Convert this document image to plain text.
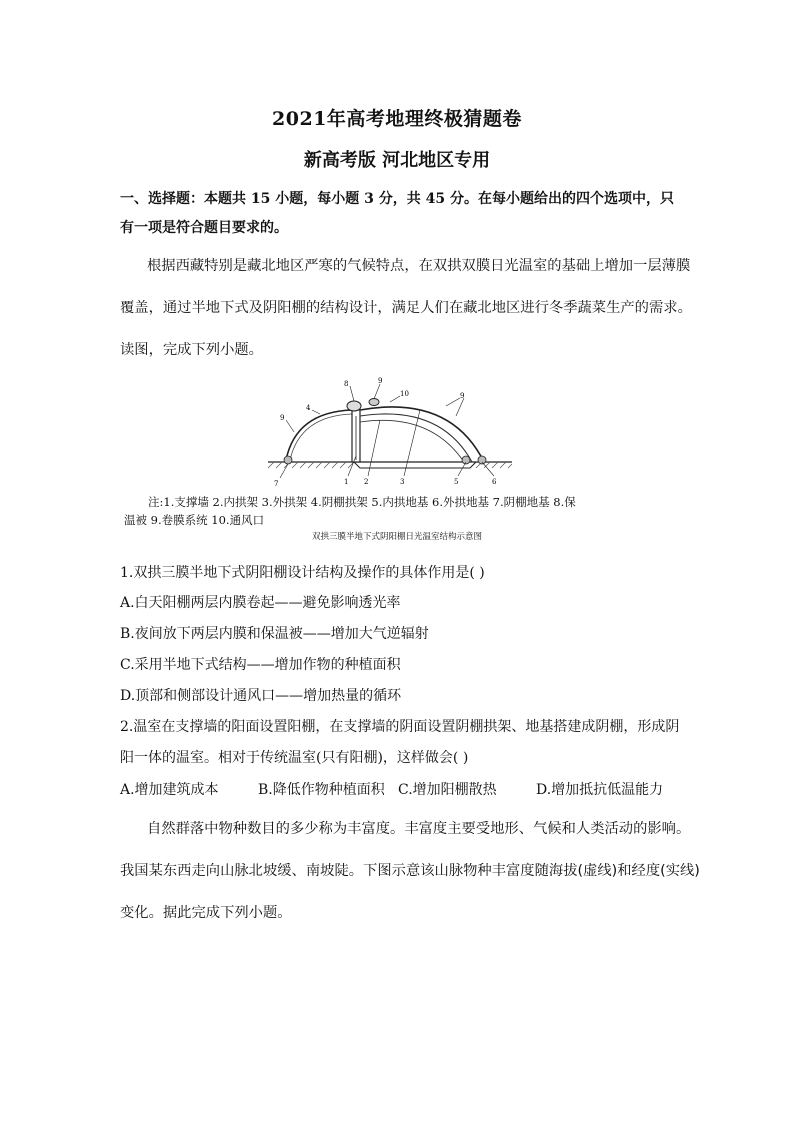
2021年高考地理终极猜题卷
新高考版 河北地区专用
一、选择题：本题共 15 小题，每小题 3 分，共 45 分。在每小题给出的四个选项中，只
有一项是符合题目要求的。
根据西藏特别是藏北地区严寒的气候特点，在双拱双膜日光温室的基础上增加一层薄膜
覆盖，通过半地下式及阴阳棚的结构设计，满足人们在藏北地区进行冬季蔬菜生产的需求。
读图，完成下列小题。
8	9
10
4
9
9
1 2	3	5	6
7
注:1.支撑墙 2.内拱架 3.外拱架 4.阴棚拱架 5.内拱地基 6.外拱地基 7.阴棚地基 8.保
温被 9.卷膜系统 10.通风口
双拱三膜半地下式阴阳棚日光温室结构示意图
1.双拱三膜半地下式阴阳棚设计结构及操作的具体作用是( )
A.白天阳棚两层内膜卷起——避免影响透光率
B.夜间放下两层内膜和保温被——增加大气逆辐射
C.采用半地下式结构——增加作物的种植面积
D.顶部和侧部设计通风口——增加热量的循环
2.温室在支撑墙的阳面设置阳棚，在支撑墙的阴面设置阴棚拱架、地基搭建成阴棚，形成阴
阳一体的温室。相对于传统温室(只有阳棚)，这样做会( )
A.增加建筑成本	B.降低作物种植面积 C.增加阳棚散热	D.增加抵抗低温能力
自然群落中物种数目的多少称为丰富度。丰富度主要受地形、气候和人类活动的影响。
我国某东西走向山脉北坡缓、南坡陡。下图示意该山脉物种丰富度随海拔(虚线)和经度(实线)
变化。据此完成下列小题。
